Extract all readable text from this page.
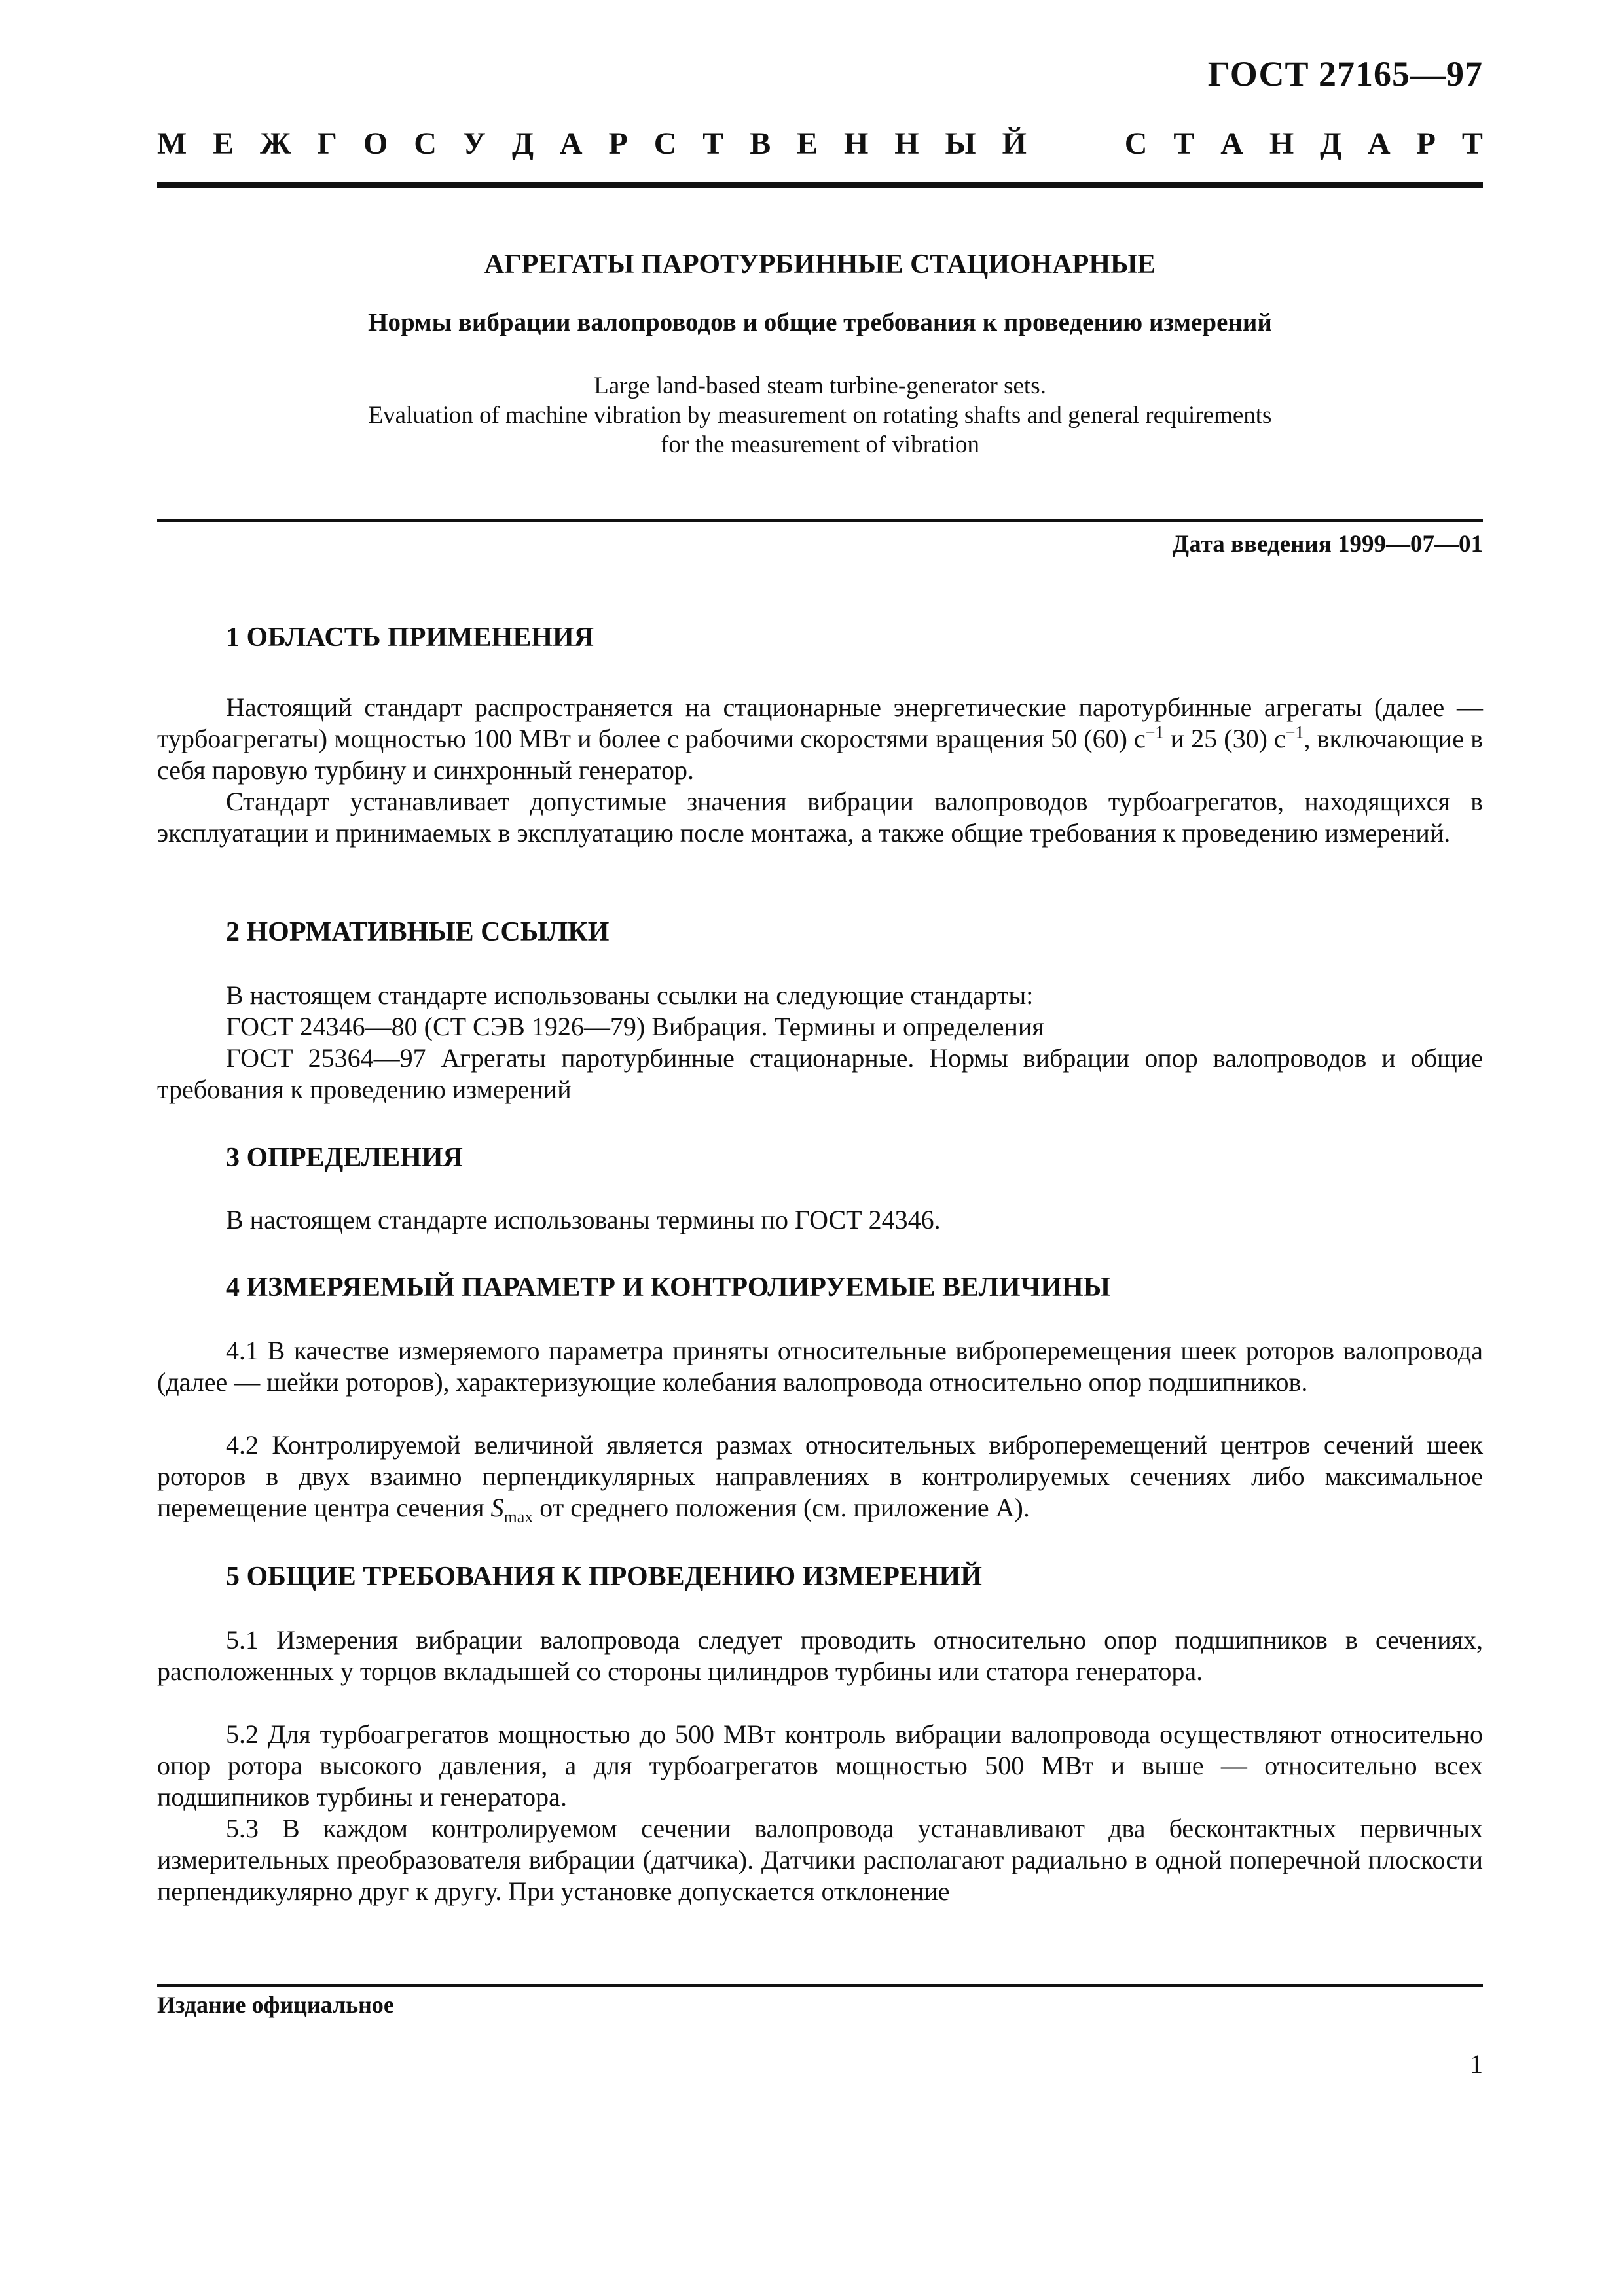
ГОСТ 27165—97
М Е Ж Г О С У Д А Р С Т В Е Н Н Ы Й	С Т А Н Д А Р Т
АГРЕГАТЫ ПАРОТУРБИННЫЕ СТАЦИОНАРНЫЕ
Нормы вибрации валопроводов и общие требования к проведению измерений
Large land-based steam turbine-generator sets.
Evaluation of machine vibration by measurement on rotating shafts and general requirements
for the measurement of vibration
Дата введения 1999—07—01
1 ОБЛАСТЬ ПРИМЕНЕНИЯ
Настоящий стандарт распространяется на стационарные энергетические паротурбинные агрегаты (далее — турбоагрегаты) мощностью 100 МВт и более с рабочими скоростями вращения 50 (60) $с^{-1}$ и 25 (30) $с^{-1}$, включающие в себя паровую турбину и синхронный генератор.
Стандарт устанавливает допустимые значения вибрации валопроводов турбоагрегатов, находящихся в эксплуатации и принимаемых в эксплуатацию после монтажа, а также общие требования к проведению измерений.
2 НОРМАТИВНЫЕ ССЫЛКИ
В настоящем стандарте использованы ссылки на следующие стандарты:
ГОСТ 24346—80 (СТ СЭВ 1926—79) Вибрация. Термины и определения
ГОСТ 25364—97 Агрегаты паротурбинные стационарные. Нормы вибрации опор валопроводов и общие требования к проведению измерений
3 ОПРЕДЕЛЕНИЯ
В настоящем стандарте использованы термины по ГОСТ 24346.
4 ИЗМЕРЯЕМЫЙ ПАРАМЕТР И КОНТРОЛИРУЕМЫЕ ВЕЛИЧИНЫ
4.1 В качестве измеряемого параметра приняты относительные виброперемещения шеек роторов валопровода (далее — шейки роторов), характеризующие колебания валопровода относительно опор подшипников.
4.2 Контролируемой величиной является размах относительных виброперемещений центров сечений шеек роторов в двух взаимно перпендикулярных направлениях в контролируемых сечениях либо максимальное перемещение центра сечения $S_{max}$ от среднего положения (см. приложение А).
5 ОБЩИЕ ТРЕБОВАНИЯ К ПРОВЕДЕНИЮ ИЗМЕРЕНИЙ
5.1 Измерения вибрации валопровода следует проводить относительно опор подшипников в сечениях, расположенных у торцов вкладышей со стороны цилиндров турбины или статора генератора.
5.2 Для турбоагрегатов мощностью до 500 МВт контроль вибрации валопровода осуществляют относительно опор ротора высокого давления, а для турбоагрегатов мощностью 500 МВт и выше — относительно всех подшипников турбины и генератора.
5.3 В каждом контролируемом сечении валопровода устанавливают два бесконтактных первичных измерительных преобразователя вибрации (датчика). Датчики располагают радиально в одной поперечной плоскости перпендикулярно друг к другу. При установке допускается отклонение
Издание официальное
1
